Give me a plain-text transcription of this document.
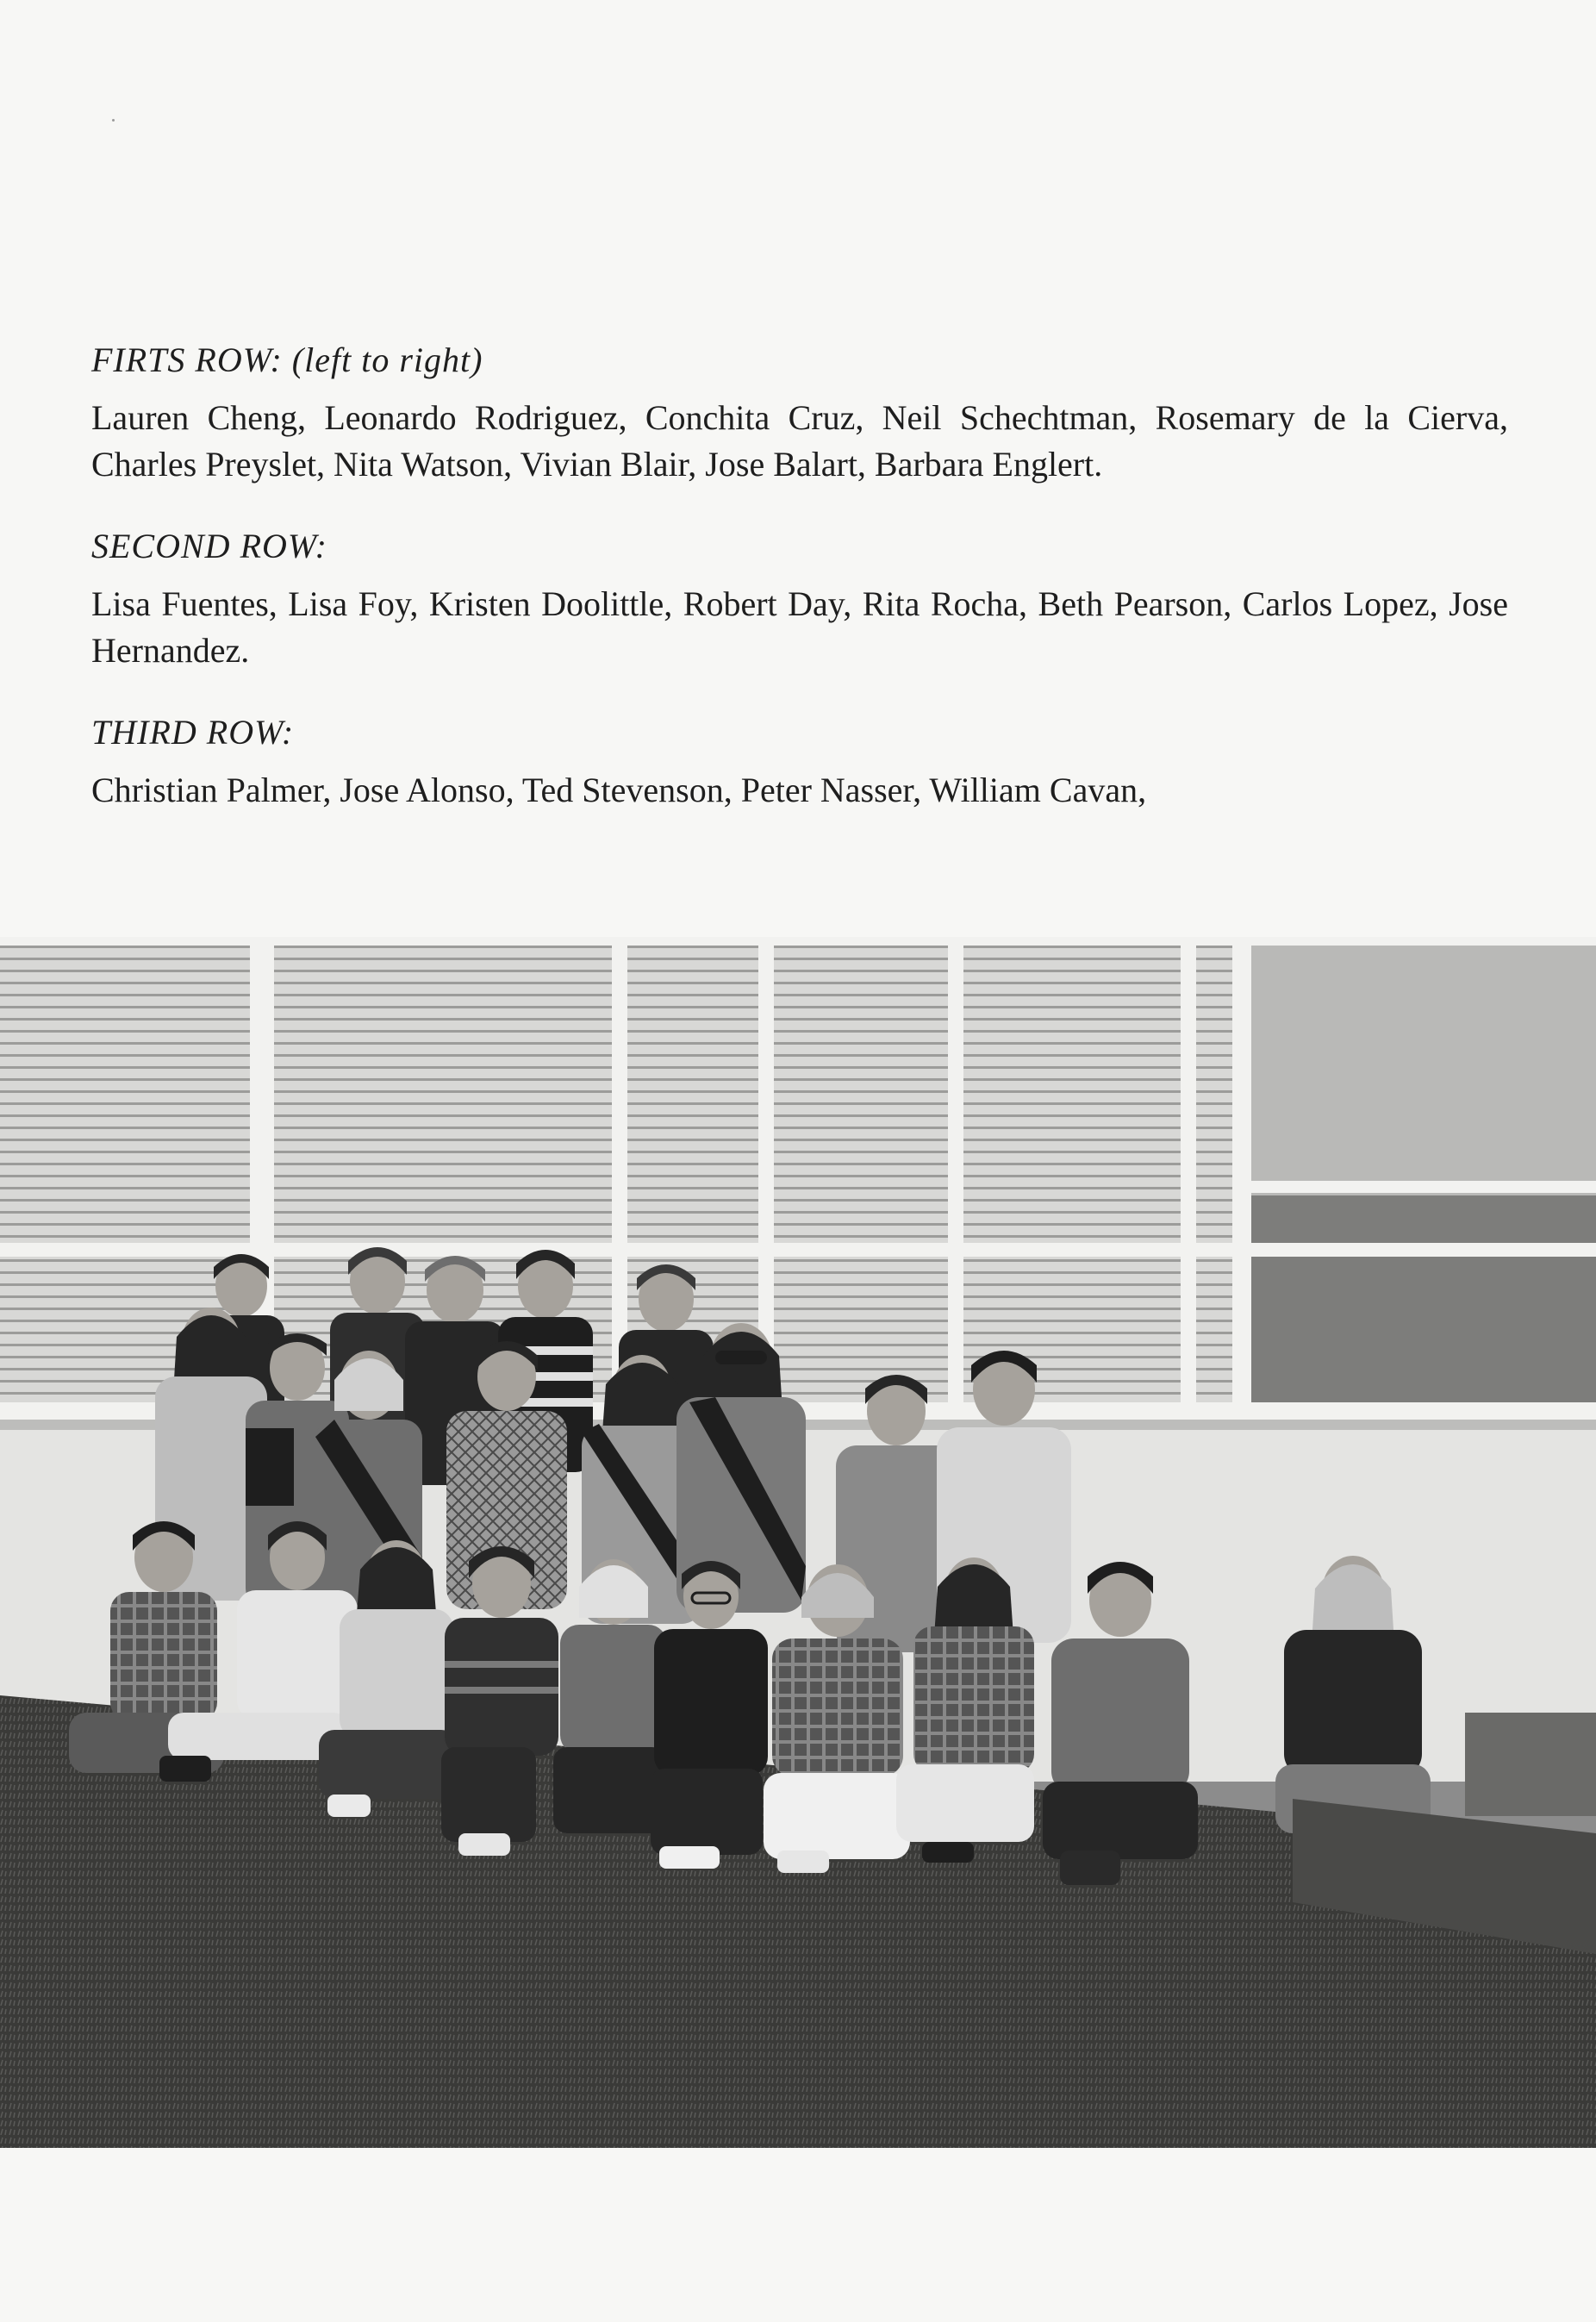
FIRTS ROW: (left to right)
Lauren Cheng, Leonardo Rodriguez, Conchita Cruz, Neil Schechtman, Rosemary de la Cierva, Charles Preyslet, Nita Watson, Vivian Blair, Jose Balart, Barbara Englert.
SECOND ROW:
Lisa Fuentes, Lisa Foy, Kristen Doolittle, Robert Day, Rita Rocha, Beth Pearson, Carlos Lopez, Jose Hernandez.
THIRD ROW:
Christian Palmer, Jose Alonso, Ted Stevenson, Peter Nasser, William Cavan,
